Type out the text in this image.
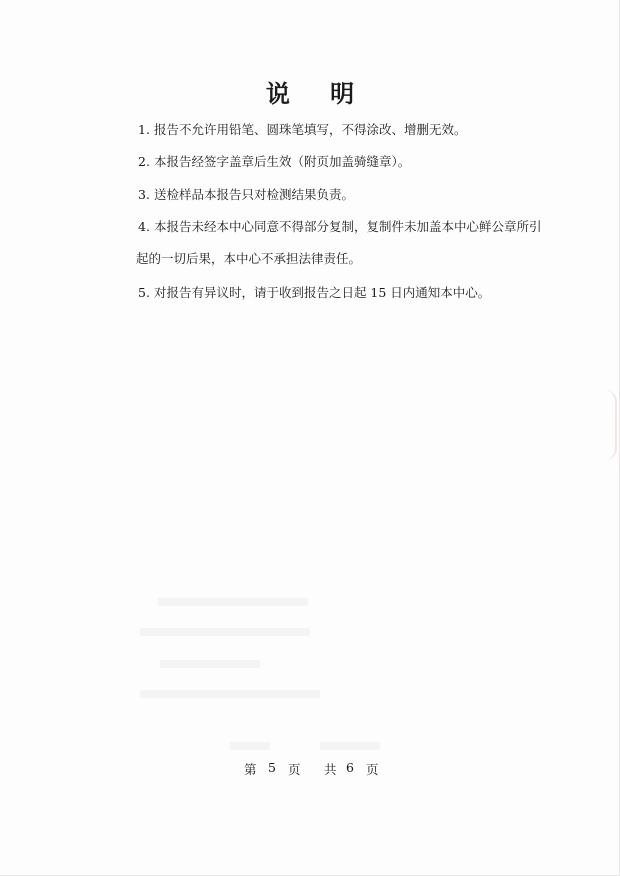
说 明
1. 报告不允许用铅笔、圆珠笔填写，不得涂改、增删无效。
2. 本报告经签字盖章后生效（附页加盖骑缝章）。
3. 送检样品本报告只对检测结果负责。
4. 本报告未经本中心同意不得部分复制，复制件未加盖本中心鲜公章所引
起的一切后果，本中心不承担法律责任。
5. 对报告有异议时，请于收到报告之日起 15 日内通知本中心。
第 5 页 共 6 页
